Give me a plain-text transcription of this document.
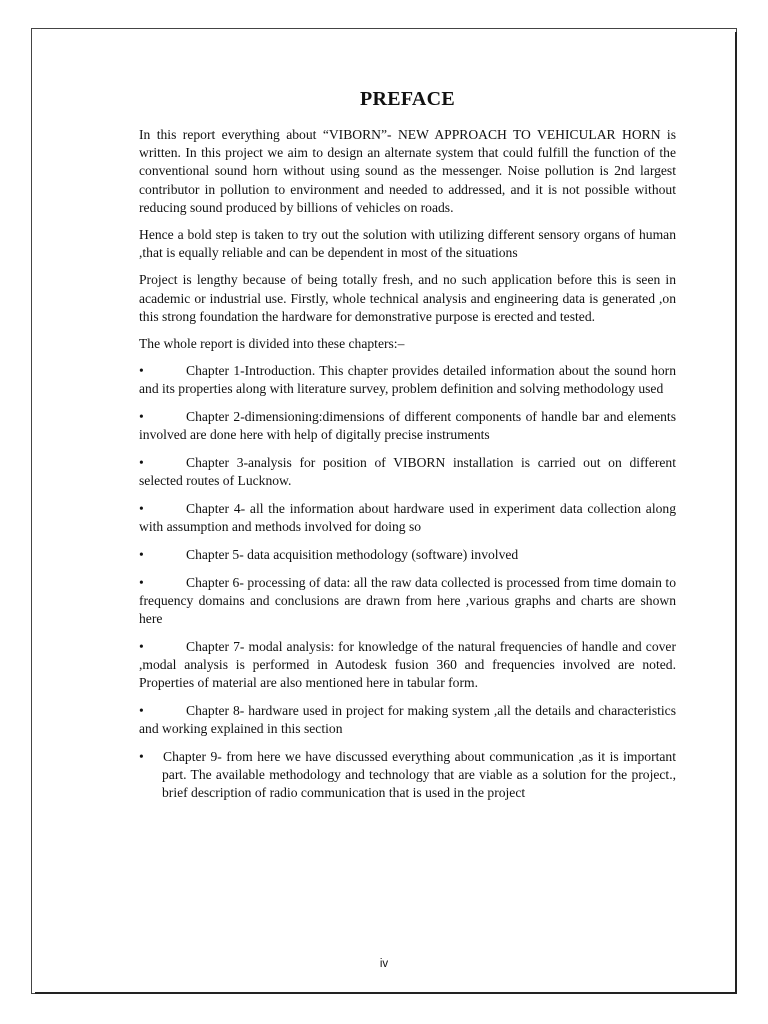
PREFACE

In this report everything about “VIBORN”- NEW APPROACH TO VEHICULAR HORN is written. In this project we aim to design an alternate system that could fulfill the function of the conventional sound horn without using sound as the messenger. Noise pollution is 2nd largest contributor in pollution to environment and needed to addressed, and it is not possible without reducing sound produced by billions of vehicles on roads.

Hence a bold step is taken to try out the solution with utilizing different sensory organs of human ,that is equally reliable and can be dependent in most of the situations

Project is lengthy because of being totally fresh, and no such application before this is seen in academic or industrial use. Firstly, whole technical analysis and engineering data is generated ,on this strong foundation the hardware for demonstrative purpose is erected and tested.

The whole report is divided into these chapters:–

•	Chapter 1-Introduction. This chapter provides detailed information about the sound horn and its properties along with literature survey, problem definition and solving methodology used
•	Chapter 2-dimensioning:dimensions of different components of handle bar and elements involved are done here with help of digitally precise instruments
•	Chapter 3-analysis for position of VIBORN installation is carried out on different selected routes of Lucknow.
•	Chapter 4- all the information about hardware used in experiment data collection along with assumption and methods involved for doing so
•	Chapter 5- data acquisition methodology (software) involved
•	Chapter 6- processing of data: all the raw data collected is processed from time domain to frequency domains and conclusions are drawn from here ,various graphs and charts are shown here
•	Chapter 7- modal analysis: for knowledge of the natural frequencies of handle and cover ,modal analysis is performed in Autodesk fusion 360 and frequencies involved are noted. Properties of material are also mentioned here in tabular form.
•	Chapter 8- hardware used in project for making system ,all the details and characteristics and working explained in this section
• Chapter 9- from here we have discussed everything about communication ,as it is important part. The available methodology and technology that are viable as a solution for the project., brief description of radio communication that is used in the project
iv
